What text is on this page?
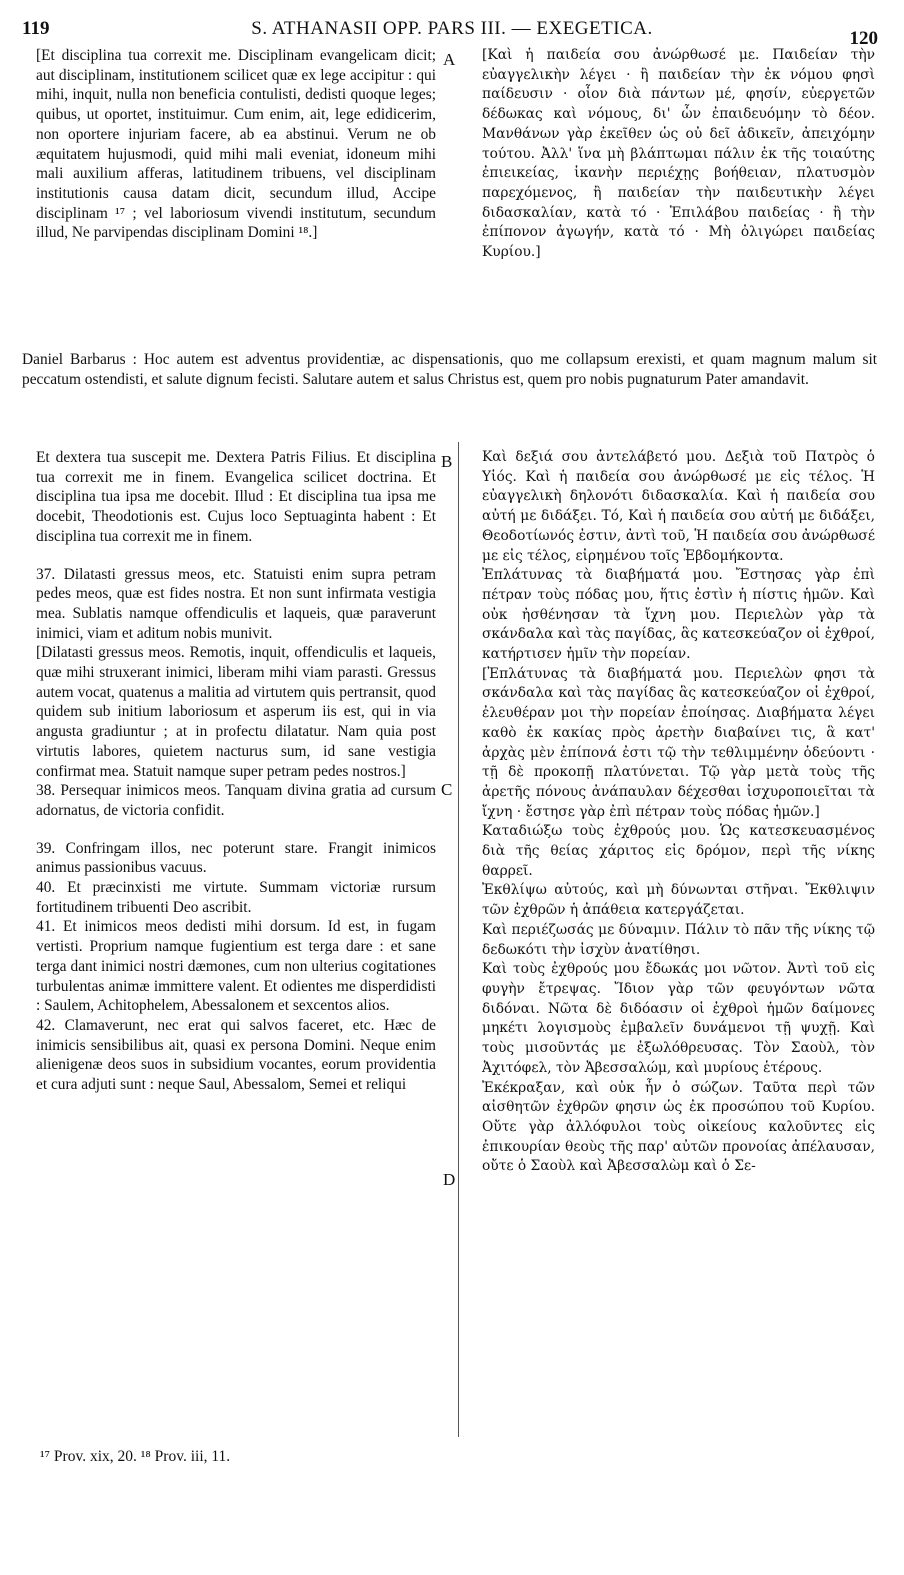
119	S. ATHANASII OPP. PARS III. — EXEGETICA.	120

[Et disciplina tua correxit me. Disciplinam evangelicam dicit; aut disciplinam, institutionem scilicet quæ ex lege accipitur : qui mihi, inquit, nulla non beneficia contulisti, dedisti quoque leges; quibus, ut oportet, instituimur. Cum enim, ait, lege edidicerim, non oportere injuriam facere, ab ea abstinui. Verum ne ob æquitatem hujusmodi, quid mihi mali eveniat, idoneum mihi mali auxilium afferas, latitudinem tribuens, vel disciplinam institutionis causa datam dicit, secundum illud, Accipe disciplinam ¹⁷ ; vel laboriosum vivendi institutum, secundum illud, Ne parvipendas disciplinam Domini ¹⁸.]

A [Καὶ ἡ παιδεία σου ἀνώρθωσέ με. Παιδείαν τὴν εὐαγγελικὴν λέγει · ἢ παιδείαν τὴν ἐκ νόμου φησὶ παίδευσιν · οἷον διὰ πάντων μέ, φησίν, εὐεργετῶν δέδωκας καὶ νόμους, δι' ὧν ἐπαιδευόμην τὸ δέον. Μανθάνων γὰρ ἐκεῖθεν ὡς οὐ δεῖ ἀδικεῖν, ἀπειχόμην τούτου. Ἀλλ' ἵνα μὴ βλάπτωμαι πάλιν ἐκ τῆς τοιαύτης ἐπιεικείας, ἱκανὴν περιέχῃς βοήθειαν, πλατυσμὸν παρεχόμενος, ἢ παιδείαν τὴν παιδευτικὴν λέγει διδασκαλίαν, κατὰ τό · Ἐπιλάβου παιδείας · ἢ τὴν ἐπίπονον ἀγωγήν, κατὰ τό · Μὴ ὀλιγώρει παιδείας Κυρίου.]

Daniel Barbarus : Hoc autem est adventus providentiæ, ac dispensationis, quo me collapsum erexisti, et quam magnum malum sit peccatum ostendisti, et salute dignum fecisti. Salutare autem et salus Christus est, quem pro nobis pugnaturum Pater amandavit.

Et dextera tua suscepit me. Dextera Patris Filius. Et disciplina tua correxit me in finem. Evangelica scilicet doctrina. Et disciplina tua ipsa me docebit. Illud : Et disciplina tua ipsa me docebit, Theodotionis est. Cujus loco Septuaginta habent : Et disciplina tua correxit me in finem.

37. Dilatasti gressus meos, etc. Statuisti enim supra petram pedes meos, quæ est fides nostra. Et non sunt infirmata vestigia mea. Sublatis namque offendiculis et laqueis, quæ paraverunt inimici, viam et aditum nobis munivit.

[Dilatasti gressus meos. Remotis, inquit, offendiculis et laqueis, quæ mihi struxerant inimici, liberam mihi viam parasti. Gressus autem vocat, quatenus a malitia ad virtutem quis pertransit, quod quidem sub initium laboriosum et asperum iis est, qui in via angusta gradiuntur ; at in profectu dilatatur. Nam quia post virtutis labores, quietem nacturus sum, id sane vestigia confirmat mea. Statuit namque super petram pedes nostros.]

38. Persequar inimicos meos. Tanquam divina gratia ad cursum adornatus, de victoria confidit.

39. Confringam illos, nec poterunt stare. Frangit inimicos animus passionibus vacuus.

40. Et præcinxisti me virtute. Summam victoriæ rursum fortitudinem tribuenti Deo ascribit.

41. Et inimicos meos dedisti mihi dorsum. Id est, in fugam vertisti. Proprium namque fugientium est terga dare : et sane terga dant inimici nostri dæmones, cum non ulterius cogitationes turbulentas animæ immittere valent. Et odientes me disperdidisti : Saulem, Achitophelem, Abessalonem et sexcentos alios.

42. Clamaverunt, nec erat qui salvos faceret, etc. Hæc de inimicis sensibilibus ait, quasi ex persona Domini. Neque enim alienigenæ deos suos in subsidium vocantes, eorum providentia et cura adjuti sunt : neque Saul, Abessalom, Semei et reliqui

B
C
D

Καὶ δεξιά σου ἀντελάβετό μου. Δεξιὰ τοῦ Πατρὸς ὁ Υἱός. Καὶ ἡ παιδεία σου ἀνώρθωσέ με εἰς τέλος. Ἡ εὐαγγελικὴ δηλονότι διδασκαλία. Καὶ ἡ παιδεία σου αὐτή με διδάξει. Τό, Καὶ ἡ παιδεία σου αὐτή με διδάξει, Θεοδοτίωνός ἐστιν, ἀντὶ τοῦ, Ἡ παιδεία σου ἀνώρθωσέ με εἰς τέλος, εἰρημένου τοῖς Ἑβδομήκοντα.

Ἐπλάτυνας τὰ διαβήματά μου. Ἔστησας γὰρ ἐπὶ πέτραν τοὺς πόδας μου, ἥτις ἐστὶν ἡ πίστις ἡμῶν. Καὶ οὐκ ἠσθένησαν τὰ ἴχνη μου. Περιελὼν γὰρ τὰ σκάνδαλα καὶ τὰς παγίδας, ἃς κατεσκεύαζον οἱ ἐχθροί, κατήρτισεν ἡμῖν τὴν πορείαν.

[Ἐπλάτυνας τὰ διαβήματά μου. Περιελὼν φησι τὰ σκάνδαλα καὶ τὰς παγίδας ἃς κατεσκεύαζον οἱ ἐχθροί, ἐλευθέραν μοι τὴν πορείαν ἐποίησας. Διαβήματα λέγει καθὸ ἐκ κακίας πρὸς ἀρετὴν διαβαίνει τις, ἃ κατ' ἀρχὰς μὲν ἐπίπονά ἐστι τῷ τὴν τεθλιμμένην ὁδεύοντι · τῇ δὲ προκοπῇ πλατύνεται. Τῷ γὰρ μετὰ τοὺς τῆς ἀρετῆς πόνους ἀνάπαυλαν δέχεσθαι ἰσχυροποιεῖται τὰ ἴχνη · ἔστησε γὰρ ἐπὶ πέτραν τοὺς πόδας ἡμῶν.]

Καταδιώξω τοὺς ἐχθρούς μου. Ὡς κατεσκευασμένος διὰ τῆς θείας χάριτος εἰς δρόμον, περὶ τῆς νίκης θαρρεῖ.

Ἐκθλίψω αὐτούς, καὶ μὴ δύνωνται στῆναι. Ἔκθλιψιν τῶν ἐχθρῶν ἡ ἀπάθεια κατεργάζεται.

Καὶ περιέζωσάς με δύναμιν. Πάλιν τὸ πᾶν τῆς νίκης τῷ δεδωκότι τὴν ἰσχὺν ἀνατίθησι.

Καὶ τοὺς ἐχθρούς μου ἔδωκάς μοι νῶτον. Ἀντὶ τοῦ εἰς φυγὴν ἔτρεψας. Ἴδιον γὰρ τῶν φευγόντων νῶτα διδόναι. Νῶτα δὲ διδόασιν οἱ ἐχθροὶ ἡμῶν δαίμονες μηκέτι λογισμοὺς ἐμβαλεῖν δυνάμενοι τῇ ψυχῇ. Καὶ τοὺς μισοῦντάς με ἐξωλόθρευσας. Τὸν Σαοὺλ, τὸν Ἀχιτόφελ, τὸν Ἀβεσσαλώμ, καὶ μυρίους ἑτέρους.

Ἐκέκραξαν, καὶ οὐκ ἦν ὁ σώζων. Ταῦτα περὶ τῶν αἰσθητῶν ἐχθρῶν φησιν ὡς ἐκ προσώπου τοῦ Κυρίου. Οὔτε γὰρ ἀλλόφυλοι τοὺς οἰκείους καλοῦντες εἰς ἐπικουρίαν θεοὺς τῆς παρ' αὐτῶν προνοίας ἀπέλαυσαν, οὔτε ὁ Σαοὺλ καὶ Ἀβεσσαλὼμ καὶ ὁ Σε-

¹⁷ Prov. xix, 20. ¹⁸ Prov. iii, 11.
